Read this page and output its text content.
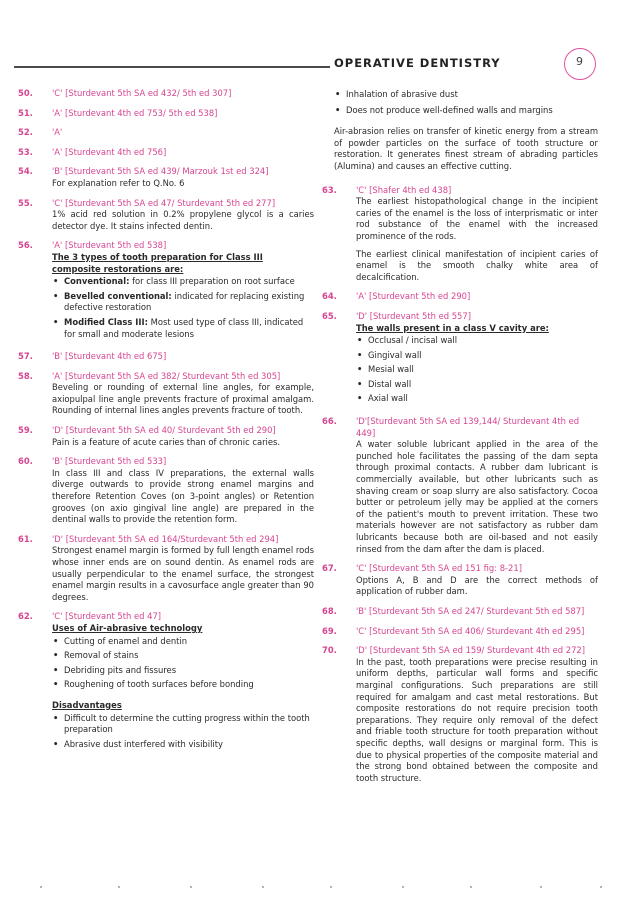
OPERATIVE DENTISTRY	9
50.	'C' [Sturdevant 5th SA ed 432/ 5th ed 307]

51.	'A' [Sturdevant 4th ed 753/ 5th ed 538]

52.	'A'

53.	'A' [Sturdevant 4th ed 756]

54.	'B' [Sturdevant 5th SA ed 439/ Marzouk 1st ed 324]

For explanation refer to Q.No. 6

55.	'C' [Sturdevant 5th SA ed 47/ Sturdevant 5th ed 277]

1% acid red solution in 0.2% propylene glycol is a caries detector dye. It stains infected dentin.

56.	'A' [Sturdevant 5th ed 538]

The 3 types of tooth preparation for Class III composite restorations are:

• Conventional: for class III preparation on root surface
• Bevelled conventional: indicated for replacing existing defective restoration
• Modified Class III: Most used type of class III, indicated for small and moderate lesions
57.	'B' [Sturdevant 4th ed 675]

58.	'A' [Sturdevant 5th SA ed 382/ Sturdevant 5th ed 305]

Beveling or rounding of external line angles, for example, axiopulpal line angle prevents fracture of proximal amalgam. Rounding of internal lines angles prevents fracture of tooth.

59.	'D' [Sturdevant 5th SA ed 40/ Sturdevant 5th ed 290]

Pain is a feature of acute caries than of chronic caries.

60.	'B' [Sturdevant 5th ed 533]

In class III and class IV preparations, the external walls diverge outwards to provide strong enamel margins and therefore Retention Coves (on 3-point angles) or Retention grooves (on axio gingival line angle) are prepared in the dentinal walls to provide the retention form.

61.	'D' [Sturdevant 5th SA ed 164/Sturdevant 5th ed 294]

Strongest enamel margin is formed by full length enamel rods whose inner ends are on sound dentin. As enamel rods are usually perpendicular to the enamel surface, the strongest enamel margin results in a cavosurface angle greater than 90 degrees.

62.	'C' [Sturdevant 5th ed 47]

Uses of Air-abrasive technology

• Cutting of enamel and dentin
• Removal of stains
• Debriding pits and fissures
• Roughening of tooth surfaces before bonding

Disadvantages

• Difficult to determine the cutting progress within the tooth preparation
• Abrasive dust interfered with visibility
• Inhalation of abrasive dust
• Does not produce well-defined walls and margins

Air-abrasion relies on transfer of kinetic energy from a stream of powder particles on the surface of tooth structure or restoration. It generates finest stream of abrading particles (Alumina) and causes an effective cutting.

63.	'C' [Shafer 4th ed 438]

The earliest histopathological change in the incipient caries of the enamel is the loss of interprismatic or inter rod substance of the enamel with the increased prominence of the rods.

The earliest clinical manifestation of incipient caries of enamel is the smooth chalky white area of decalcification.

64.	'A' [Sturdevant 5th ed 290]

65.	'D' [Sturdevant 5th ed 557]

The walls present in a class V cavity are:

• Occlusal / incisal wall
• Gingival wall
• Mesial wall
• Distal wall
• Axial wall
66.	'D'[Sturdevant 5th SA ed 139,144/ Sturdevant 4th ed 449]

A water soluble lubricant applied in the area of the punched hole facilitates the passing of the dam septa through proximal contacts. A rubber dam lubricant is commercially available, but other lubricants such as shaving cream or soap slurry are also satisfactory. Cocoa butter or petroleum jelly may be applied at the corners of the patient's mouth to prevent irritation. These two materials however are not satisfactory as rubber dam lubricants because both are oil-based and not easily rinsed from the dam after the dam is placed.

67.	'C' [Sturdevant 5th SA ed 151 fig: 8-21]

Options A, B and D are the correct methods of application of rubber dam.

68.	'B' [Sturdevant 5th SA ed 247/ Sturdevant 5th ed 587]

69.	'C' [Sturdevant 5th SA ed 406/ Sturdevant 4th ed 295]

70.	'D' [Sturdevant 5th SA ed 159/ Sturdevant 4th ed 272]

In the past, tooth preparations were precise resulting in uniform depths, particular wall forms and specific marginal configurations. Such preparations are still required for amalgam and cast metal restorations. But composite restorations do not require precision tooth preparations. They require only removal of the defect and friable tooth structure for tooth preparation without specific depths, wall designs or marginal form. This is due to physical properties of the composite material and the strong bond obtained between the composite and tooth structure.
